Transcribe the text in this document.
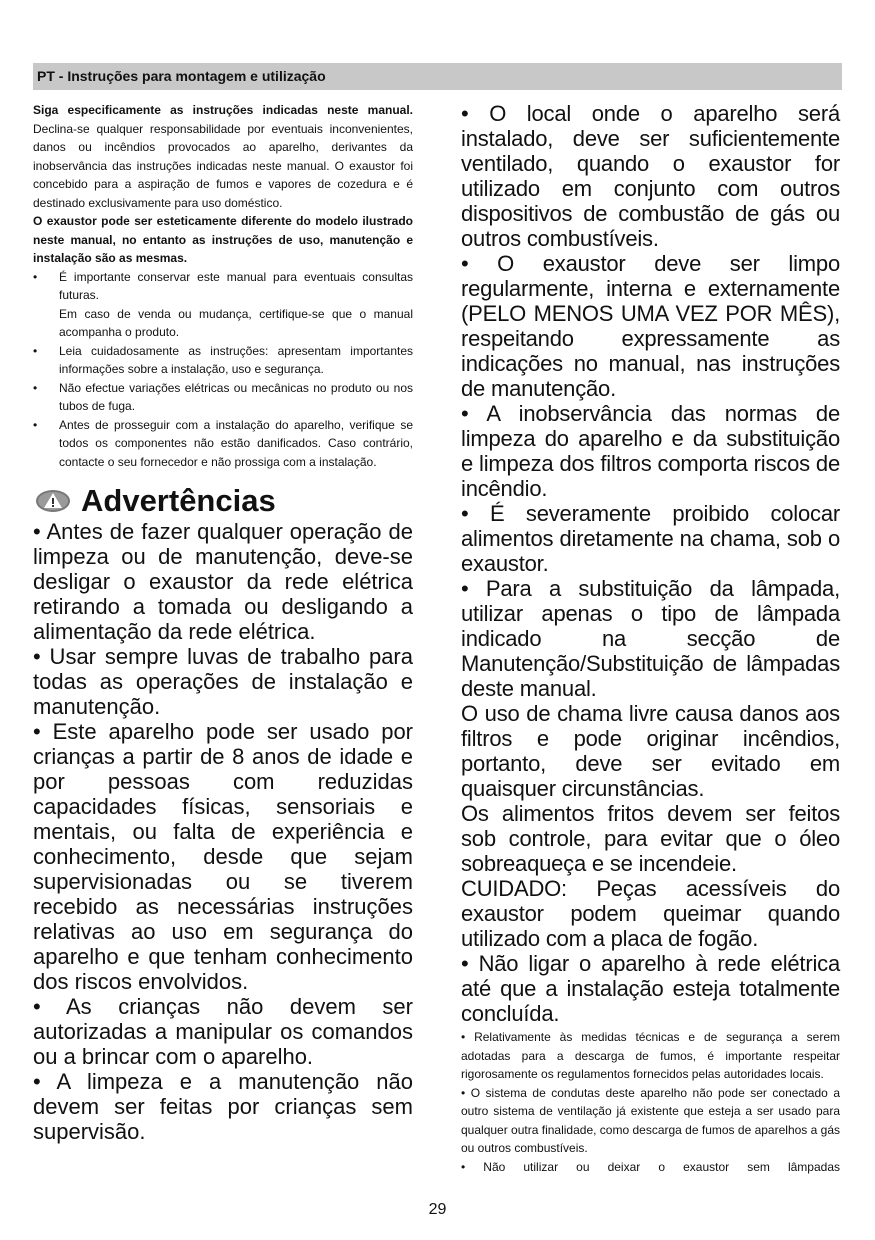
PT - Instruções para montagem e utilização

Siga especificamente as instruções indicadas neste manual. Declina-se qualquer responsabilidade por eventuais inconvenientes, danos ou incêndios provocados ao aparelho, derivantes da inobservância das instruções indicadas neste manual. O exaustor foi concebido para a aspiração de fumos e vapores de cozedura e é destinado exclusivamente para uso doméstico.

O exaustor pode ser esteticamente diferente do modelo ilustrado neste manual, no entanto as instruções de uso, manutenção e instalação são as mesmas.

• É importante conservar este manual para eventuais consultas futuras.
Em caso de venda ou mudança, certifique-se que o manual acompanha o produto.
• Leia cuidadosamente as instruções: apresentam importantes informações sobre a instalação, uso e segurança.
• Não efectue variações elétricas ou mecânicas no produto ou nos tubos de fuga.
• Antes de prosseguir com a instalação do aparelho, verifique se todos os componentes não estão danificados. Caso contrário, contacte o seu fornecedor e não prossiga com a instalação.
Advertências

• Antes de fazer qualquer operação de limpeza ou de manutenção, deve-se desligar o exaustor da rede elétrica retirando a tomada ou desligando a alimentação da rede elétrica.

• Usar sempre luvas de trabalho para todas as operações de instalação e manutenção.

• Este aparelho pode ser usado por crianças a partir de 8 anos de idade e por pessoas com reduzidas capacidades físicas, sensoriais e mentais, ou falta de experiência e conhecimento, desde que sejam supervisionadas ou se tiverem recebido as necessárias instruções relativas ao uso em segurança do aparelho e que tenham conhecimento dos riscos envolvidos.

• As crianças não devem ser autorizadas a manipular os comandos ou a brincar com o aparelho.

• A limpeza e a manutenção não devem ser feitas por crianças sem supervisão.

• O local onde o aparelho será instalado, deve ser suficientemente ventilado, quando o exaustor for utilizado em conjunto com outros dispositivos de combustão de gás ou outros combustíveis.

• O exaustor deve ser limpo regularmente, interna e externamente (PELO MENOS UMA VEZ POR MÊS), respeitando expressamente as indicações no manual, nas instruções de manutenção.

• A inobservância das normas de limpeza do aparelho e da substituição e limpeza dos filtros comporta riscos de incêndio.

• É severamente proibido colocar alimentos diretamente na chama, sob o exaustor.

• Para a substituição da lâmpada, utilizar apenas o tipo de lâmpada indicado na secção de Manutenção/Substituição de lâmpadas deste manual.

O uso de chama livre causa danos aos filtros e pode originar incêndios, portanto, deve ser evitado em quaisquer circunstâncias.

Os alimentos fritos devem ser feitos sob controle, para evitar que o óleo sobreaqueça e se incendeie.

CUIDADO: Peças acessíveis do exaustor podem queimar quando utilizado com a placa de fogão.

• Não ligar o aparelho à rede elétrica até que a instalação esteja totalmente concluída.

• Relativamente às medidas técnicas e de segurança a serem adotadas para a descarga de fumos, é importante respeitar rigorosamente os regulamentos fornecidos pelas autoridades locais.

• O sistema de condutas deste aparelho não pode ser conectado a outro sistema de ventilação já existente que esteja a ser usado para qualquer outra finalidade, como descarga de fumos de aparelhos a gás ou outros combustíveis.

• Não utilizar ou deixar o exaustor sem lâmpadas

29
